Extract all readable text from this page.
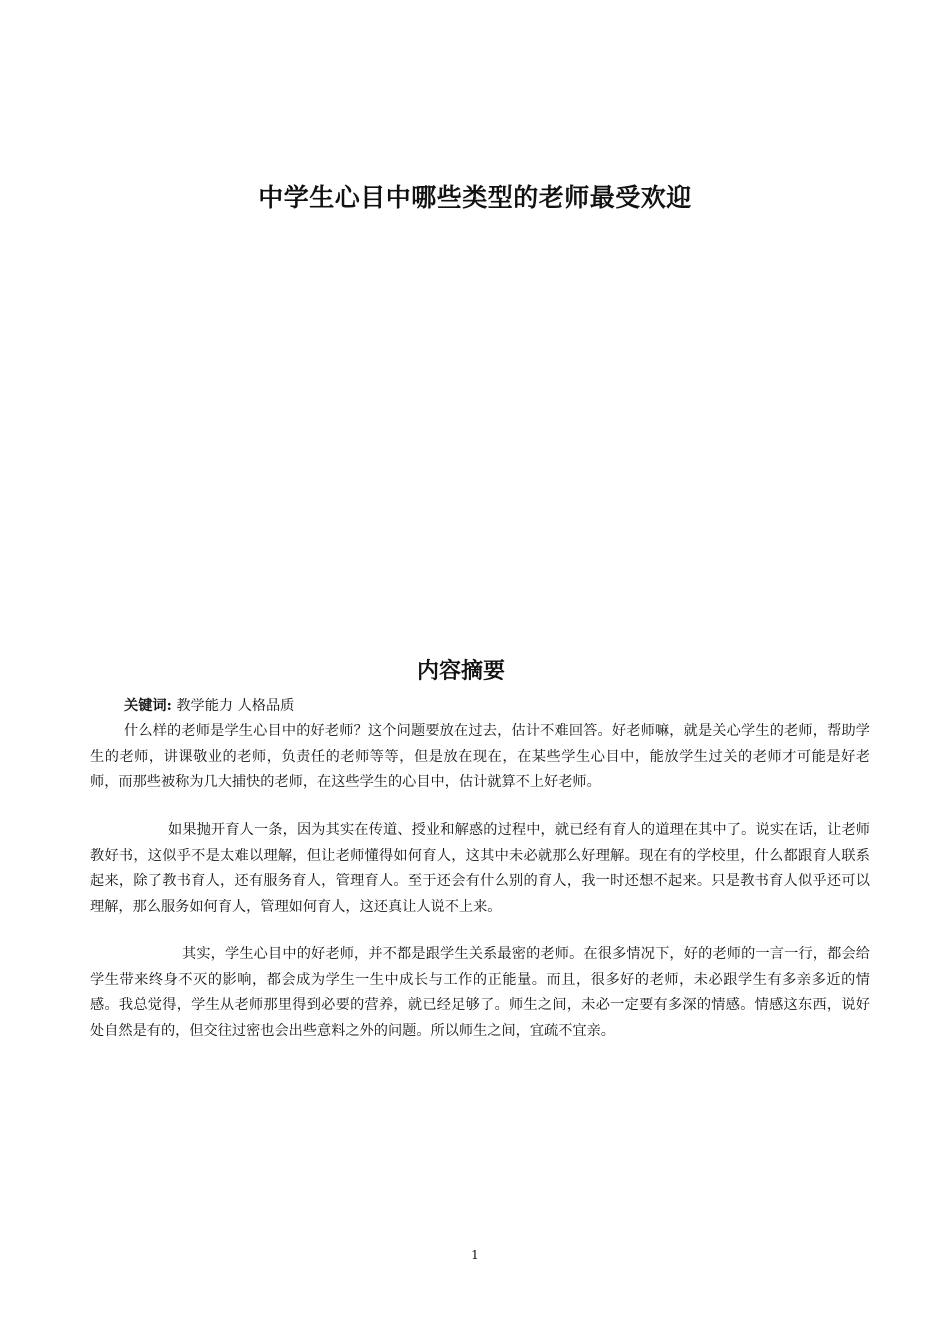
中学生心目中哪些类型的老师最受欢迎
内容摘要
关键词: 教学能力 人格品质

什么样的老师是学生心目中的好老师？这个问题要放在过去，估计不难回答。好老师嘛，就是关心学生的老师，帮助学生的老师，讲课敬业的老师，负责任的老师等等，但是放在现在，在某些学生心目中，能放学生过关的老师才可能是好老师，而那些被称为几大捕快的老师，在这些学生的心目中，估计就算不上好老师。

如果抛开育人一条，因为其实在传道、授业和解惑的过程中，就已经有育人的道理在其中了。说实在话，让老师教好书，这似乎不是太难以理解，但让老师懂得如何育人，这其中未必就那么好理解。现在有的学校里，什么都跟育人联系起来，除了教书育人，还有服务育人，管理育人。至于还会有什么别的育人，我一时还想不起来。只是教书育人似乎还可以理解，那么服务如何育人，管理如何育人，这还真让人说不上来。

其实，学生心目中的好老师，并不都是跟学生关系最密的老师。在很多情况下，好的老师的一言一行，都会给学生带来终身不灭的影响，都会成为学生一生中成长与工作的正能量。而且，很多好的老师，未必跟学生有多亲多近的情感。我总觉得，学生从老师那里得到必要的营养，就已经足够了。师生之间，未必一定要有多深的情感。情感这东西，说好处自然是有的，但交往过密也会出些意料之外的问题。所以师生之间，宜疏不宜亲。

1
